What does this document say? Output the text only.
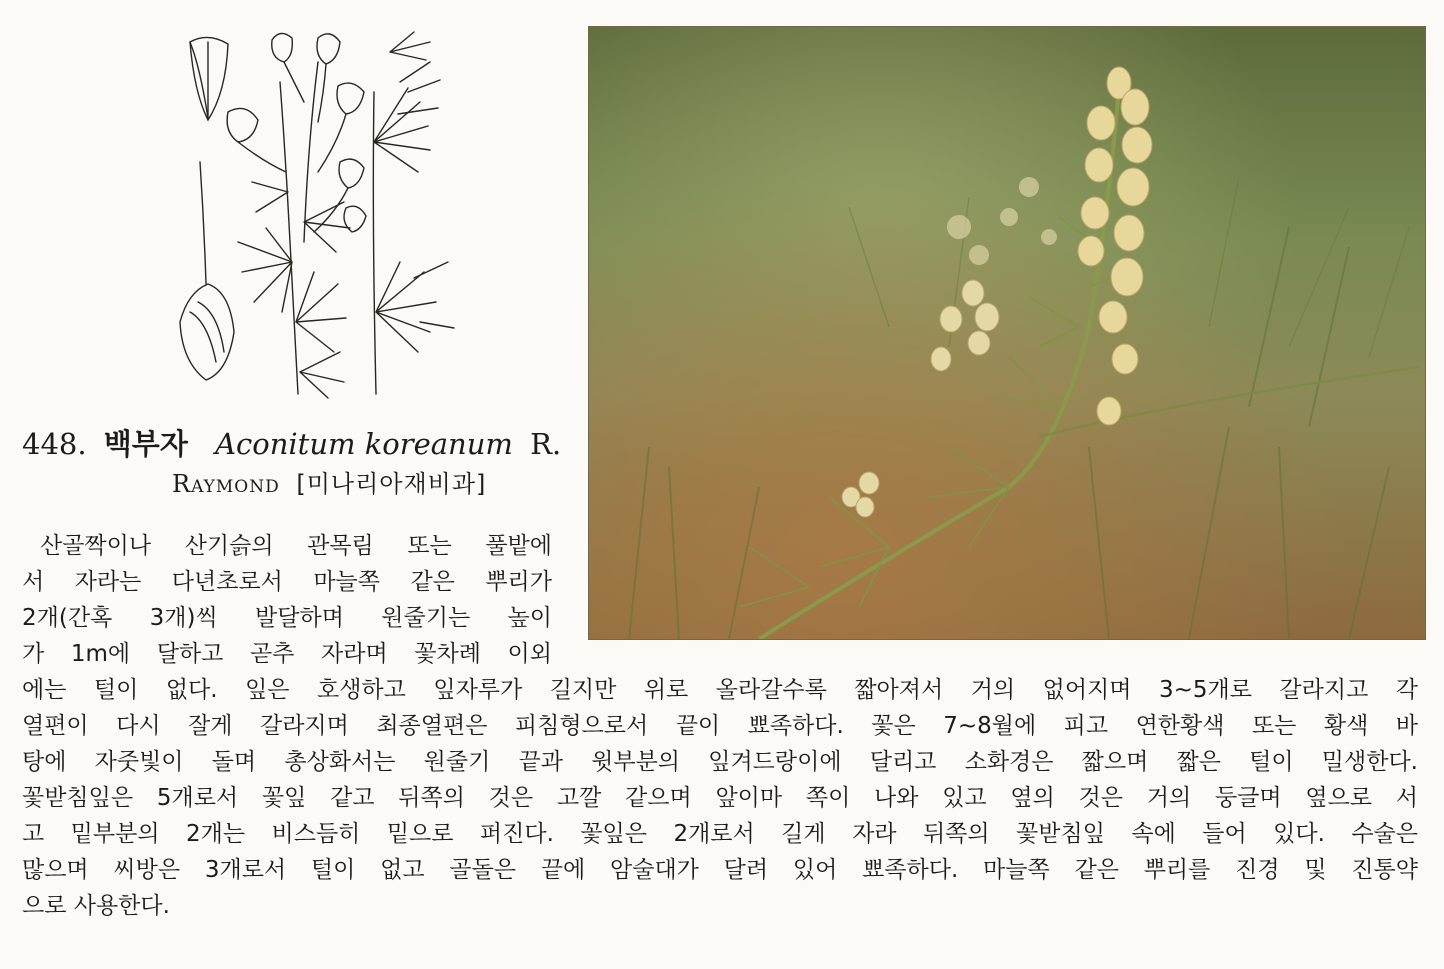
448. 백부자 Aconitum koreanum R.
Raymond [미나리아재비과]
산골짝이나 산기슭의 관목림 또는 풀밭에
서 자라는 다년초로서 마늘쪽 같은 뿌리가
2개(간혹 3개)씩 발달하며 원줄기는 높이
가 1m에 달하고 곧추 자라며 꽃차례 이외
에는 털이 없다. 잎은 호생하고 잎자루가 길지만 위로 올라갈수록 짧아져서 거의 없어지며 3~5개로 갈라지고 각
열편이 다시 잘게 갈라지며 최종열편은 피침형으로서 끝이 뾰족하다. 꽃은 7~8월에 피고 연한황색 또는 황색 바
탕에 자줏빛이 돌며 총상화서는 원줄기 끝과 윗부분의 잎겨드랑이에 달리고 소화경은 짧으며 짧은 털이 밀생한다.
꽃받침잎은 5개로서 꽃잎 같고 뒤쪽의 것은 고깔 같으며 앞이마 쪽이 나와 있고 옆의 것은 거의 둥글며 옆으로 서
고 밑부분의 2개는 비스듬히 밑으로 퍼진다. 꽃잎은 2개로서 길게 자라 뒤쪽의 꽃받침잎 속에 들어 있다. 수술은
많으며 씨방은 3개로서 털이 없고 골돌은 끝에 암술대가 달려 있어 뾰족하다. 마늘쪽 같은 뿌리를 진경 및 진통약
으로 사용한다.
